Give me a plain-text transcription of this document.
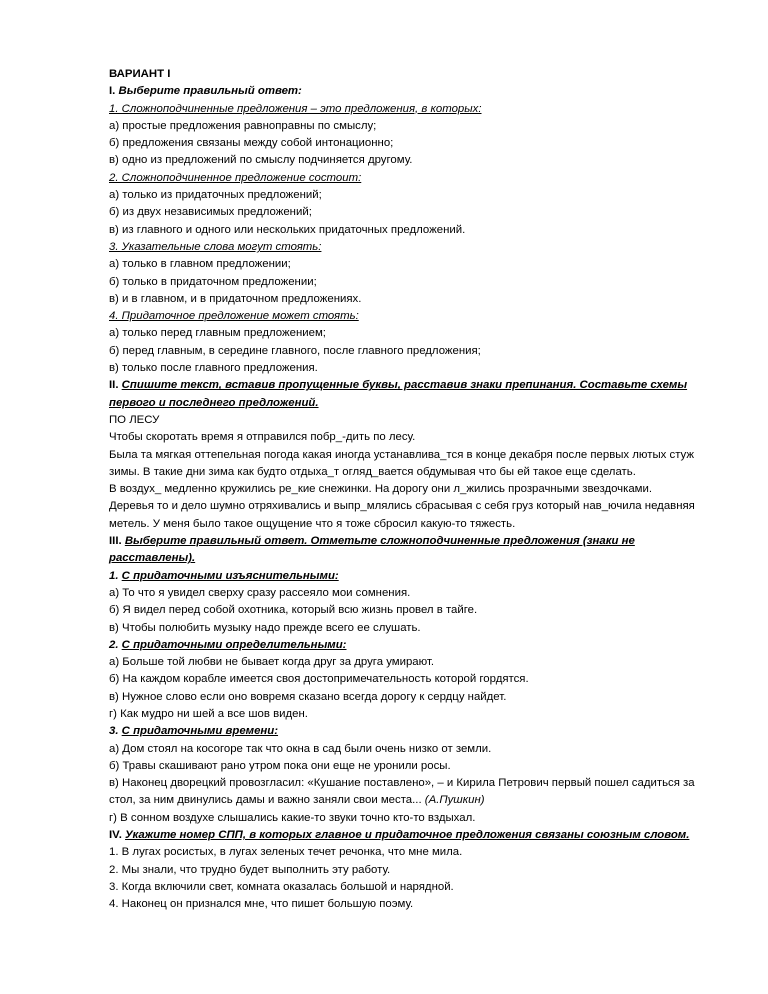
ВАРИАНТ I
I. Выберите правильный ответ:
1. Сложноподчиненные предложения – это предложения, в которых:
а) простые предложения равноправны по смыслу;
б) предложения связаны между собой интонационно;
в) одно из предложений по смыслу подчиняется другому.
2. Сложноподчиненное предложение состоит:
а) только из придаточных предложений;
б) из двух независимых предложений;
в) из главного и одного или нескольких придаточных предложений.
3. Указательные слова могут стоять:
а) только в главном предложении;
б) только в придаточном предложении;
в) и в главном, и в придаточном предложениях.
4. Придаточное предложение может стоять:
а) только перед главным предложением;
б) перед главным, в середине главного, после главного предложения;
в) только после главного предложения.
II. Спишите текст, вставив пропущенные буквы, расставив знаки препинания. Составьте схемы
первого и последнего предложений.
ПО ЛЕСУ
Чтобы скоротать время я отправился побр_-дить по лесу.
Была та мягкая оттепельная погода какая иногда устанавлива_тся в конце декабря после первых лютых стуж
зимы. В такие дни зима как будто отдыха_т огляд_вается обдумывая что бы ей такое еще сделать.
В воздух_ медленно кружились ре_кие снежинки. На дорогу они л_жились прозрачными звездочками.
Деревья то и дело шумно отряхивались и выпр_млялись сбрасывая с себя груз который нав_ючила недавняя
метель. У меня было такое ощущение что я тоже сбросил какую-то тяжесть.
III. Выберите правильный ответ. Отметьте сложноподчиненные предложения (знаки не
расставлены).
1. С придаточными изъяснительными:
а) То что я увидел сверху сразу рассеяло мои сомнения.
б) Я видел перед собой охотника, который всю жизнь провел в тайге.
в) Чтобы полюбить музыку надо прежде всего ее слушать.
2. С придаточными определительными:
а) Больше той любви не бывает когда друг за друга умирают.
б) На каждом корабле имеется своя достопримечательность которой гордятся.
в) Нужное слово если оно вовремя сказано всегда дорогу к сердцу найдет.
г) Как мудро ни шей а все шов виден.
3. С придаточными времени:
а) Дом стоял на косогоре так что окна в сад были очень низко от земли.
б) Травы скашивают рано утром пока они еще не уронили росы.
в) Наконец дворецкий провозгласил: «Кушание поставлено», – и Кирила Петрович первый пошел садиться за
стол, за ним двинулись дамы и важно заняли свои места... (А.Пушкин)
г) В сонном воздухе слышались какие-то звуки точно кто-то вздыхал.
IV. Укажите номер СПП, в которых главное и придаточное предложения связаны союзным словом.
1. В лугах росистых, в лугах зеленых течет речонка, что мне мила.
2. Мы знали, что трудно будет выполнить эту работу.
3. Когда включили свет, комната оказалась большой и нарядной.
4. Наконец он признался мне, что пишет большую поэму.
